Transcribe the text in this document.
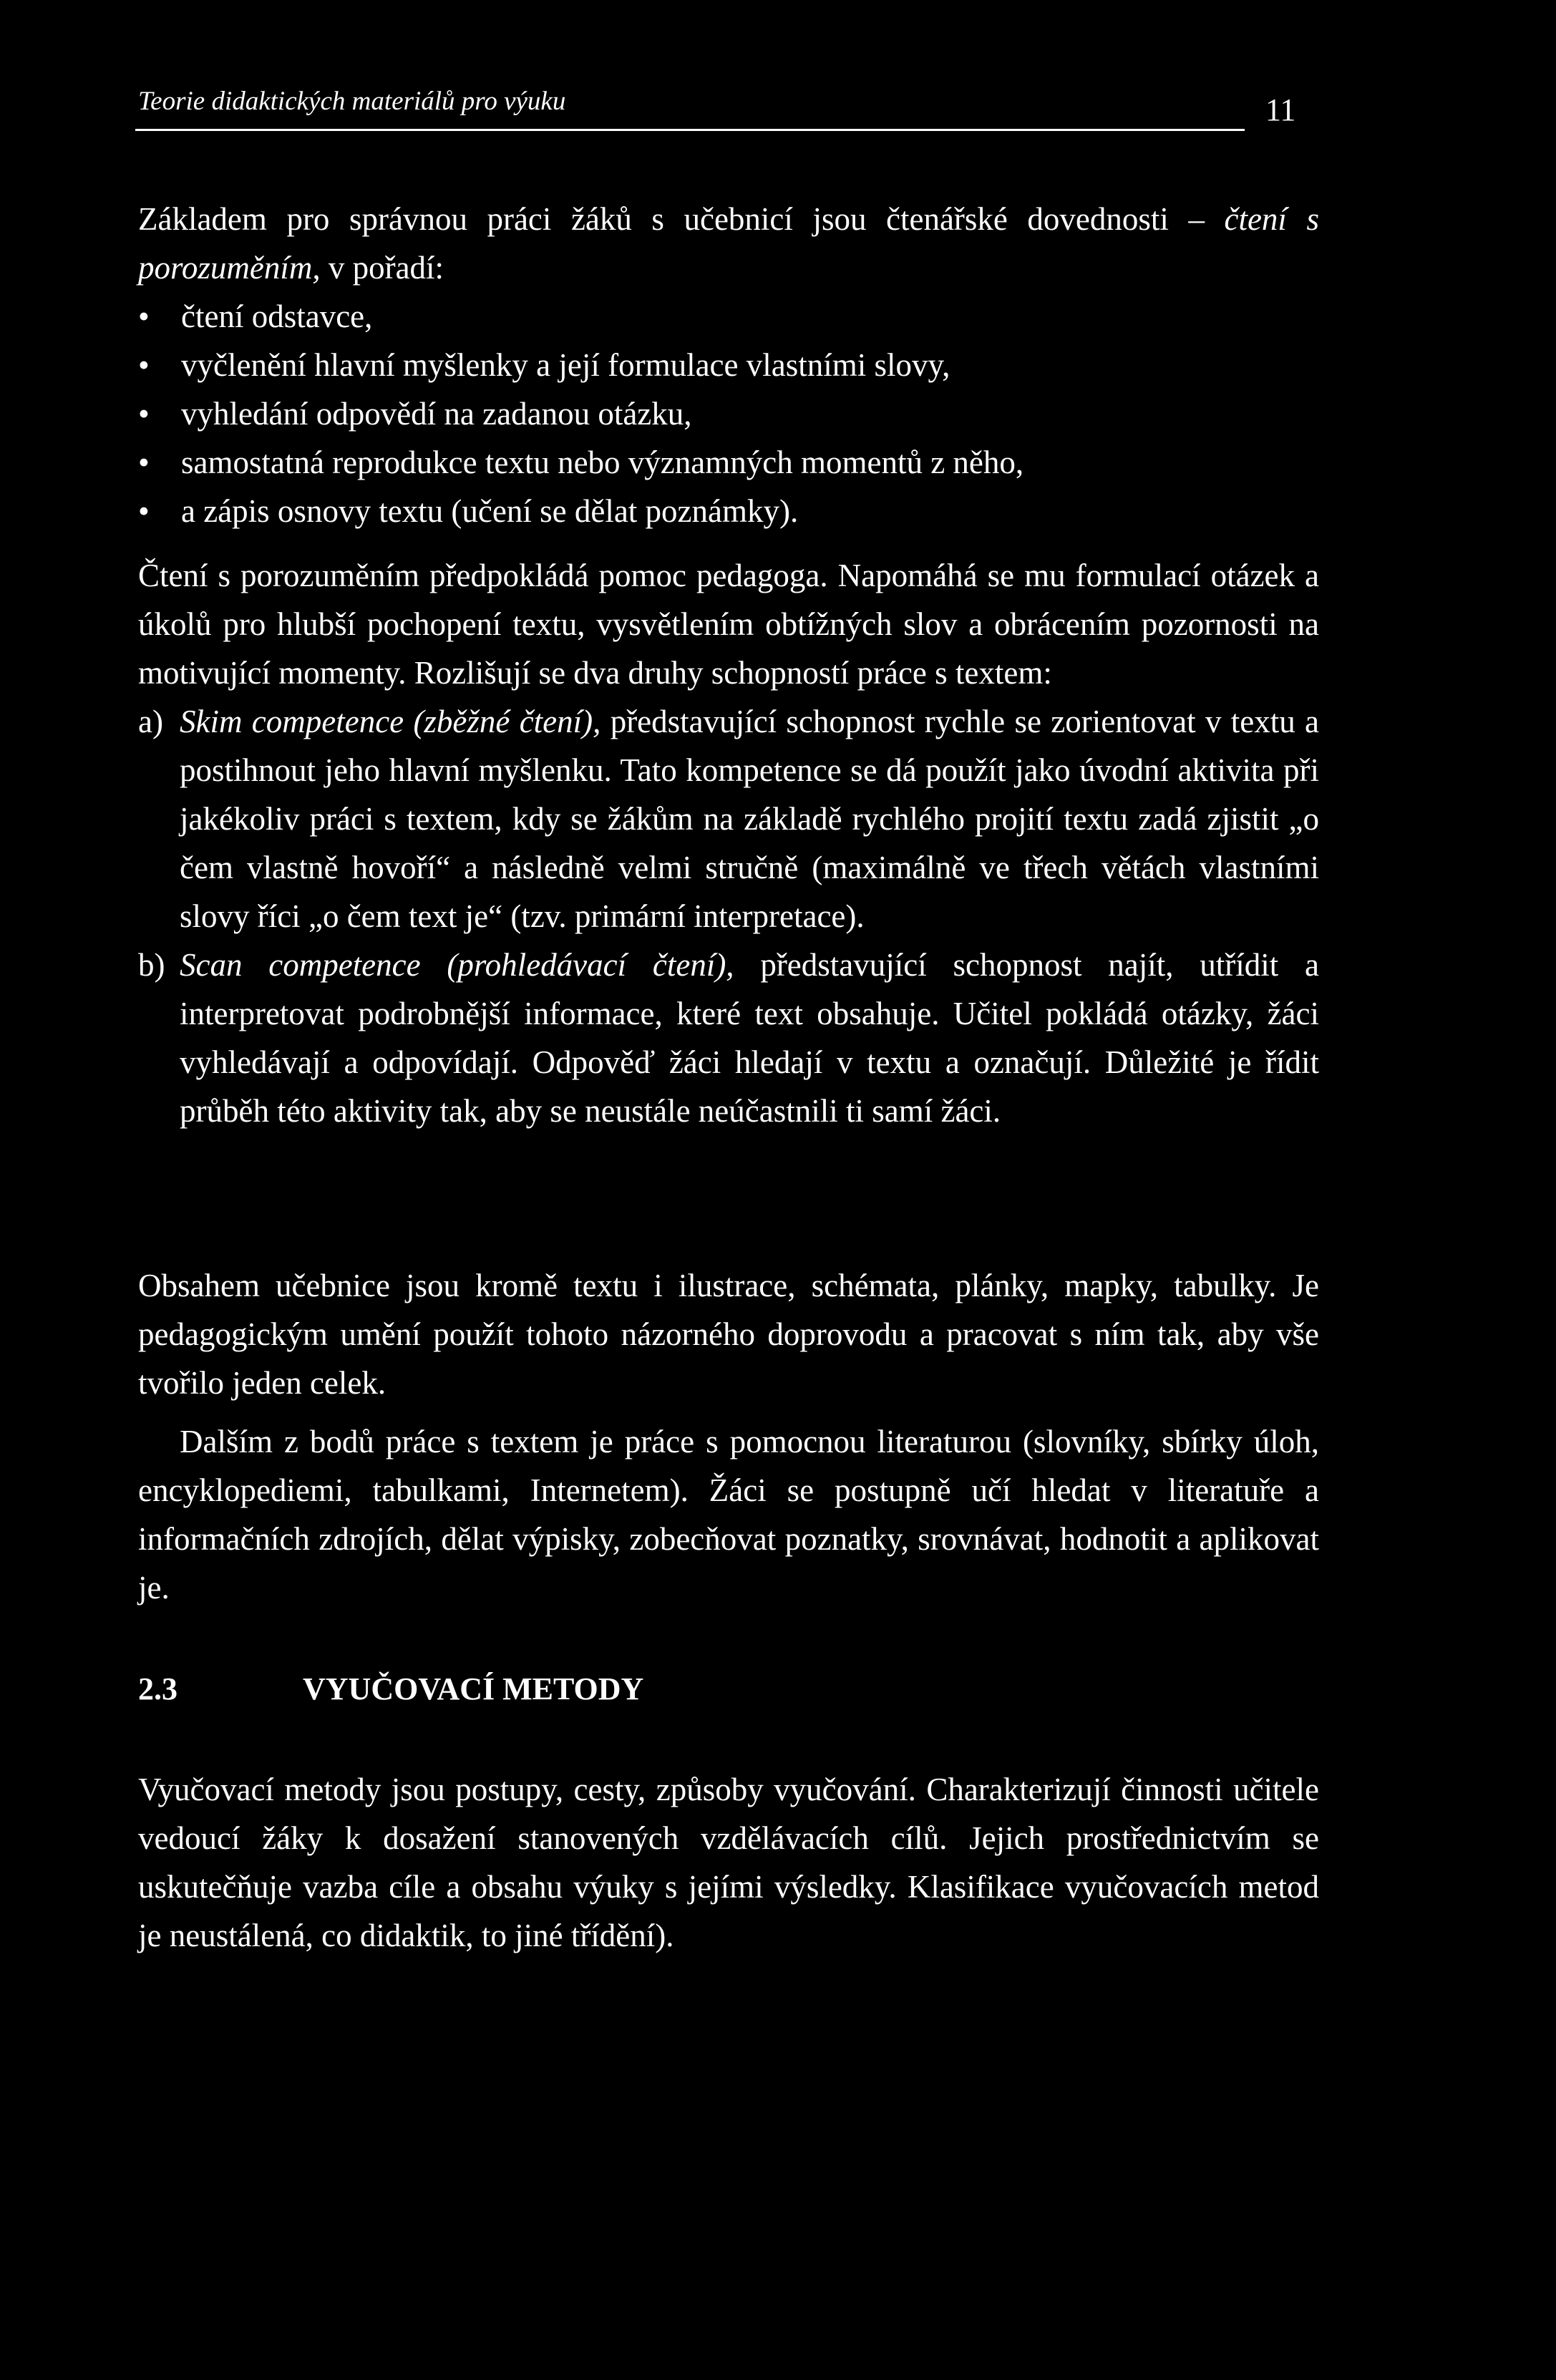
Teorie didaktických materiálů pro výuku	11

Základem pro správnou práci žáků s učebnicí jsou čtenářské dovednosti – čtení s porozuměním, v pořadí:

• čtení odstavce,
• vyčlenění hlavní myšlenky a její formulace vlastními slovy,
• vyhledání odpovědí na zadanou otázku,
• samostatná reprodukce textu nebo významných momentů z něho,
• a zápis osnovy textu (učení se dělat poznámky).

Čtení s porozuměním předpokládá pomoc pedagoga. Napomáhá se mu formulací otázek a úkolů pro hlubší pochopení textu, vysvětlením obtížných slov a obrácením pozornosti na motivující momenty. Rozlišují se dva druhy schopností práce s textem:

a) Skim competence (zběžné čtení), představující schopnost rychle se zorientovat v textu a postihnout jeho hlavní myšlenku. Tato kompetence se dá použít jako úvodní aktivita při jakékoliv práci s textem, kdy se žákům na základě rychlého projití textu zadá zjistit „o čem vlastně hovoří“ a následně velmi stručně (maximálně ve třech větách vlastními slovy říci „o čem text je“ (tzv. primární interpretace).
b) Scan competence (prohledávací čtení), představující schopnost najít, utřídit a interpretovat podrobnější informace, které text obsahuje. Učitel pokládá otázky, žáci vyhledávají a odpovídají. Odpověď žáci hledají v textu a označují. Důležité je řídit průběh této aktivity tak, aby se neustále neúčastnili ti samí žáci.

Obsahem učebnice jsou kromě textu i ilustrace, schémata, plánky, mapky, tabulky. Je pedagogickým umění použít tohoto názorného doprovodu a pracovat s ním tak, aby vše tvořilo jeden celek.

Dalším z bodů práce s textem je práce s pomocnou literaturou (slovníky, sbírky úloh, encyklopediemi, tabulkami, Internetem). Žáci se postupně učí hledat v literatuře a informačních zdrojích, dělat výpisky, zobecňovat poznatky, srovnávat, hodnotit a aplikovat je.

2.3	VYUČOVACÍ METODY

Vyučovací metody jsou postupy, cesty, způsoby vyučování. Charakterizují činnosti učitele vedoucí žáky k dosažení stanovených vzdělávacích cílů. Jejich prostřednictvím se uskutečňuje vazba cíle a obsahu výuky s jejími výsledky. Klasifikace vyučovacích metod je neustálená, co didaktik, to jiné třídění).
